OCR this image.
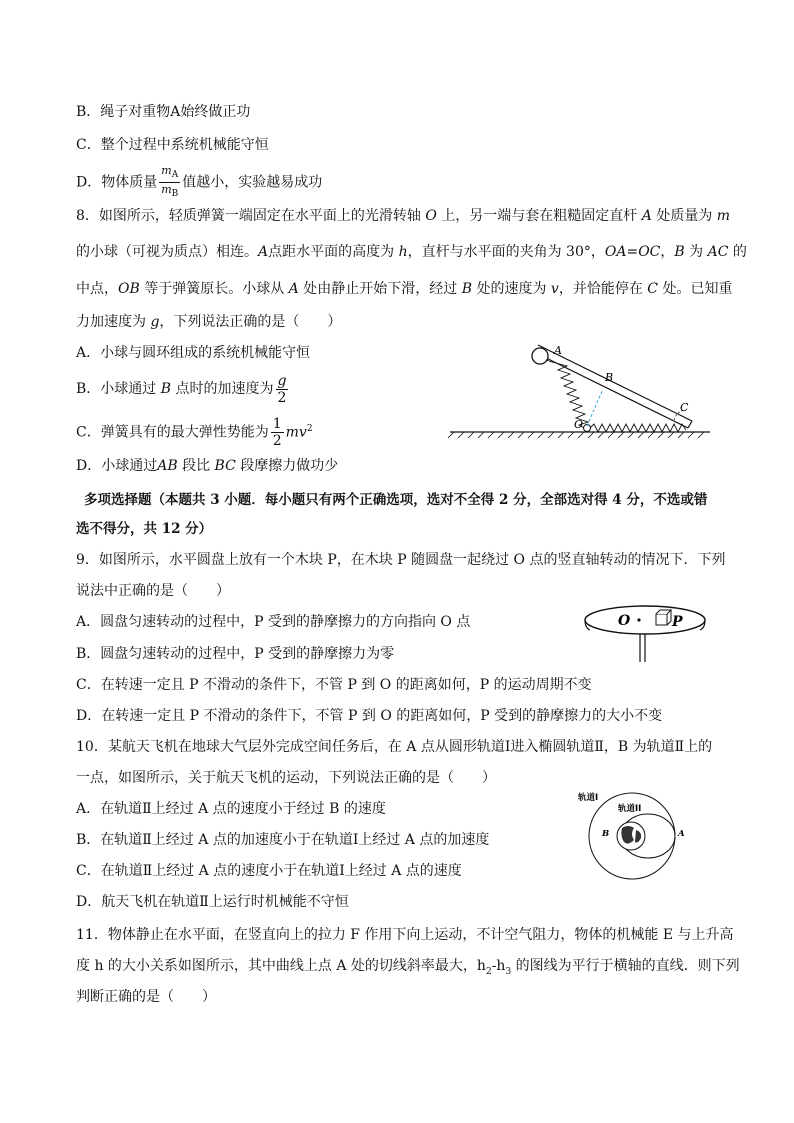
B．绳子对重物A始终做正功
C．整个过程中系统机械能守恒
D．物体质量 $\frac{m_A}{m_B}$ 值越小，实验越易成功
8．如图所示，轻质弹簧一端固定在水平面上的光滑转轴 O 上，另一端与套在粗糙固定直杆 A 处质量为 m
的小球（可视为质点）相连。A点距水平面的高度为 h，直杆与水平面的夹角为 30°，OA=OC，B 为 AC 的
中点，OB 等于弹簧原长。小球从 A 处由静止开始下滑，经过 B 处的速度为 v，并恰能停在 C 处。已知重
力加速度为 g，下列说法正确的是（　　）
A．小球与圆环组成的系统机械能守恒
B．小球通过 B 点时的加速度为 $\frac{g}{2}$
C．弹簧具有的最大弹性势能为 $\frac{1}{2} mv^2$
D．小球通过AB 段比 BC 段摩擦力做功少
A
B
C
O
多项选择题（本题共 3 小题．每小题只有两个正确选项，选对不全得 2 分，全部选对得 4 分，不选或错
选不得分，共 12 分）
9．如图所示，水平圆盘上放有一个木块 P，在木块 P 随圆盘一起绕过 O 点的竖直轴转动的情况下．下列
说法中正确的是（　　）
A．圆盘匀速转动的过程中，P 受到的静摩擦力的方向指向 O 点
B．圆盘匀速转动的过程中，P 受到的静摩擦力为零
C．在转速一定且 P 不滑动的条件下，不管 P 到 O 的距离如何，P 的运动周期不变
D．在转速一定且 P 不滑动的条件下，不管 P 到 O 的距离如何，P 受到的静摩擦力的大小不变
O	P
10．某航天飞机在地球大气层外完成空间任务后，在 A 点从圆形轨道Ⅰ进入椭圆轨道Ⅱ，B 为轨道Ⅱ上的
一点，如图所示，关于航天飞机的运动，下列说法正确的是（　　）
A．在轨道Ⅱ上经过 A 点的速度小于经过 B 的速度
B．在轨道Ⅱ上经过 A 点的加速度小于在轨道Ⅰ上经过 A 点的加速度
C．在轨道Ⅱ上经过 A 点的速度小于在轨道Ⅰ上经过 A 点的速度
D．航天飞机在轨道Ⅱ上运行时机械能不守恒
轨道I
轨道II
B	A
11．物体静止在水平面，在竖直向上的拉力 F 作用下向上运动，不计空气阻力，物体的机械能 E 与上升高
度 h 的大小关系如图所示，其中曲线上点 A 处的切线斜率最大，$h_2-h_3$ 的图线为平行于横轴的直线．则下列
判断正确的是（　　）
